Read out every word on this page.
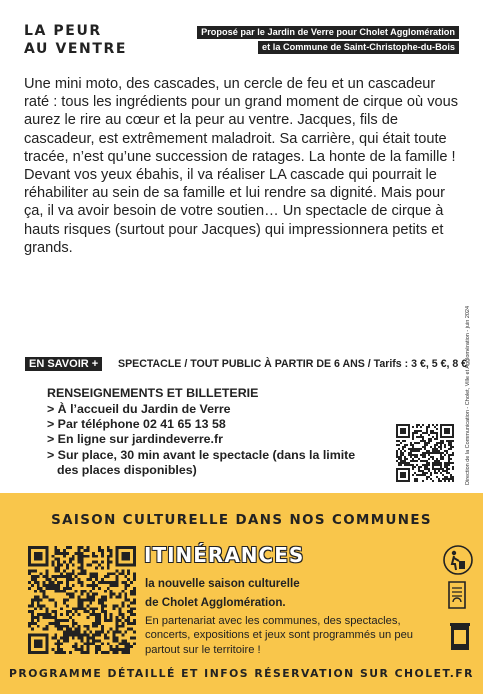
LA PEUR
AU VENTRE
Proposé par le Jardin de Verre pour Cholet Agglomération
et la Commune de Saint-Christophe-du-Bois
Une mini moto, des cascades, un cercle de feu et un cascadeur raté : tous les ingrédients pour un grand moment de cirque où vous aurez le rire au cœur et la peur au ventre. Jacques, fils de cascadeur, est extrêmement maladroit. Sa carrière, qui était toute tracée, n’est qu’une succession de ratages. La honte de la famille ! Devant vos yeux ébahis, il va réaliser LA cascade qui pourrait le réhabiliter au sein de sa famille et lui rendre sa dignité. Mais pour ça, il va avoir besoin de votre soutien… Un spectacle de cirque à hauts risques (surtout pour Jacques) qui impressionnera petits et grands.
Direction de la Communication - Cholet, Ville et Agglomération - juin 2024
EN SAVOIR +	SPECTACLE / TOUT PUBLIC À PARTIR DE 6 ANS / Tarifs : 3 €, 5 €, 8 €
RENSEIGNEMENTS ET BILLETERIE
> À l’accueil du Jardin de Verre
> Par téléphone 02 41 65 13 58
> En ligne sur jardindeverre.fr
> Sur place, 30 min avant le spectacle (dans la limite
des places disponibles)
SAISON CULTURELLE DANS NOS COMMUNES
ITINÉRANCES
la nouvelle saison culturelle
de Cholet Agglomération.
En partenariat avec les communes, des spectacles, concerts, expositions et jeux sont programmés un peu partout sur le territoire !
PROGRAMME DÉTAILLÉ ET INFOS RÉSERVATION SUR CHOLET.FR
